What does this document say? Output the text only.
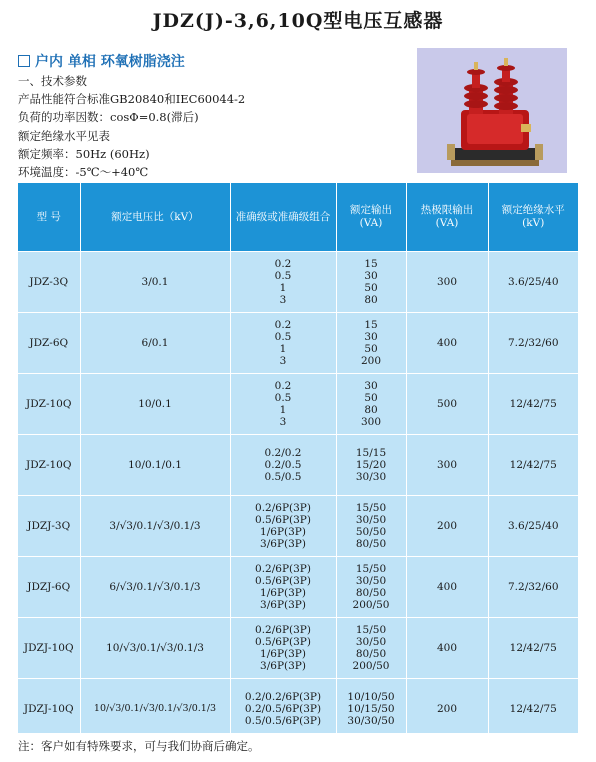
JDZ(J)-3,6,10Q型电压互感器
户内 单相 环氧树脂浇注
一、技术参数
产品性能符合标准GB20840和IEC60044-2
负荷的功率因数：cosΦ=0.8(滞后)
额定绝缘水平见表
额定频率：50Hz (60Hz)
环境温度：-5℃～+40℃
型 号	额定电压比（kV）	准确级或准确级组合	额定输出
(VA)	热极限输出
(VA)	额定绝缘水平
(kV)
JDZ-3Q	3/0.1	0.2
0.5
1
3	15
30
50
80	300	3.6/25/40
JDZ-6Q	6/0.1	0.2
0.5
1
3	15
30
50
200	400	7.2/32/60
JDZ-10Q	10/0.1	0.2
0.5
1
3	30
50
80
300	500	12/42/75
JDZ-10Q	10/0.1/0.1	0.2/0.2
0.2/0.5
0.5/0.5	15/15
15/20
30/30	300	12/42/75
JDZJ-3Q	3/√3/0.1/√3/0.1/3	0.2/6P(3P)
0.5/6P(3P)
1/6P(3P)
3/6P(3P)	15/50
30/50
50/50
80/50	200	3.6/25/40
JDZJ-6Q	6/√3/0.1/√3/0.1/3	0.2/6P(3P)
0.5/6P(3P)
1/6P(3P)
3/6P(3P)	15/50
30/50
80/50
200/50	400	7.2/32/60
JDZJ-10Q	10/√3/0.1/√3/0.1/3	0.2/6P(3P)
0.5/6P(3P)
1/6P(3P)
3/6P(3P)	15/50
30/50
80/50
200/50	400	12/42/75
JDZJ-10Q	10/√3/0.1/√3/0.1/√3/0.1/3	0.2/0.2/6P(3P)
0.2/0.5/6P(3P)
0.5/0.5/6P(3P)	10/10/50
10/15/50
30/30/50	200	12/42/75
注：客户如有特殊要求，可与我们协商后确定。
